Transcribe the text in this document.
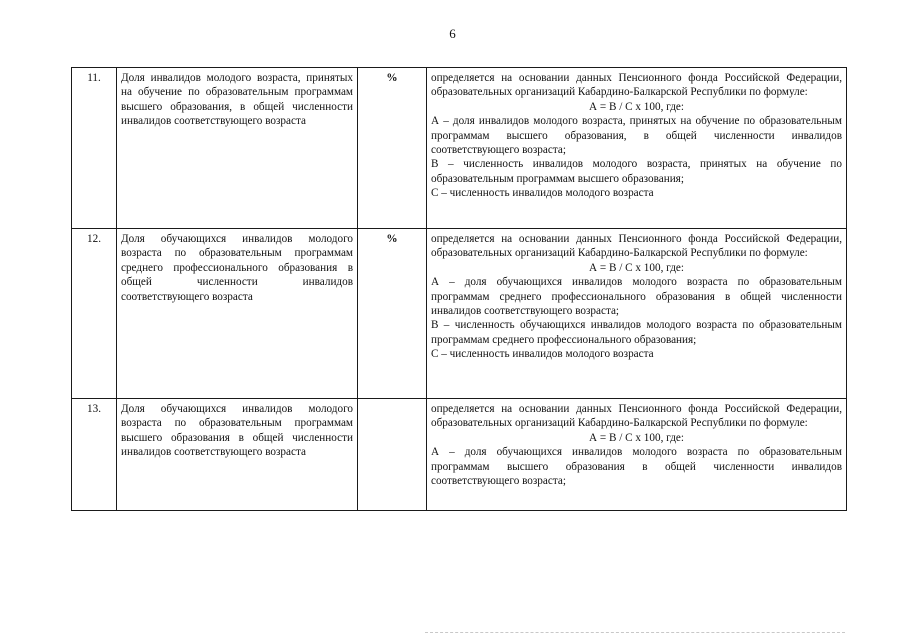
6
11.	Доля инвалидов молодого возраста, принятых на обучение по образовательным программам высшего образования, в общей численности инвалидов соответствующего возраста	%	определяется на основании данных Пенсионного фонда Российской Федерации, образовательных организаций Кабардино-Балкарской Республики по формуле:
А = В / С х 100, где:
А – доля инвалидов молодого возраста, принятых на обучение по образовательным программам высшего образования, в общей численности инвалидов соответствующего возраста;
В – численность инвалидов молодого возраста, принятых на обучение по образовательным программам высшего образования;
С – численность инвалидов молодого возраста

12.	Доля обучающихся инвалидов молодого возраста по образовательным программам среднего профессионального образования в общей численности инвалидов соответствующего возраста	%	определяется на основании данных Пенсионного фонда Российской Федерации, образовательных организаций Кабардино-Балкарской Республики по формуле:
А = В / С х 100, где:
А – доля обучающихся инвалидов молодого возраста по образовательным программам среднего профессионального образования в общей численности инвалидов соответствующего возраста;
В – численность обучающихся инвалидов молодого возраста по образовательным программам среднего профессионального образования;
С – численность инвалидов молодого возраста

13.	Доля обучающихся инвалидов молодого возраста по образовательным программам высшего образования в общей численности инвалидов соответствующего возраста		определяется на основании данных Пенсионного фонда Российской Федерации, образовательных организаций Кабардино-Балкарской Республики по формуле:
А = В / С х 100, где:
А – доля обучающихся инвалидов молодого возраста по образовательным программам высшего образования в общей численности инвалидов соответствующего возраста;
